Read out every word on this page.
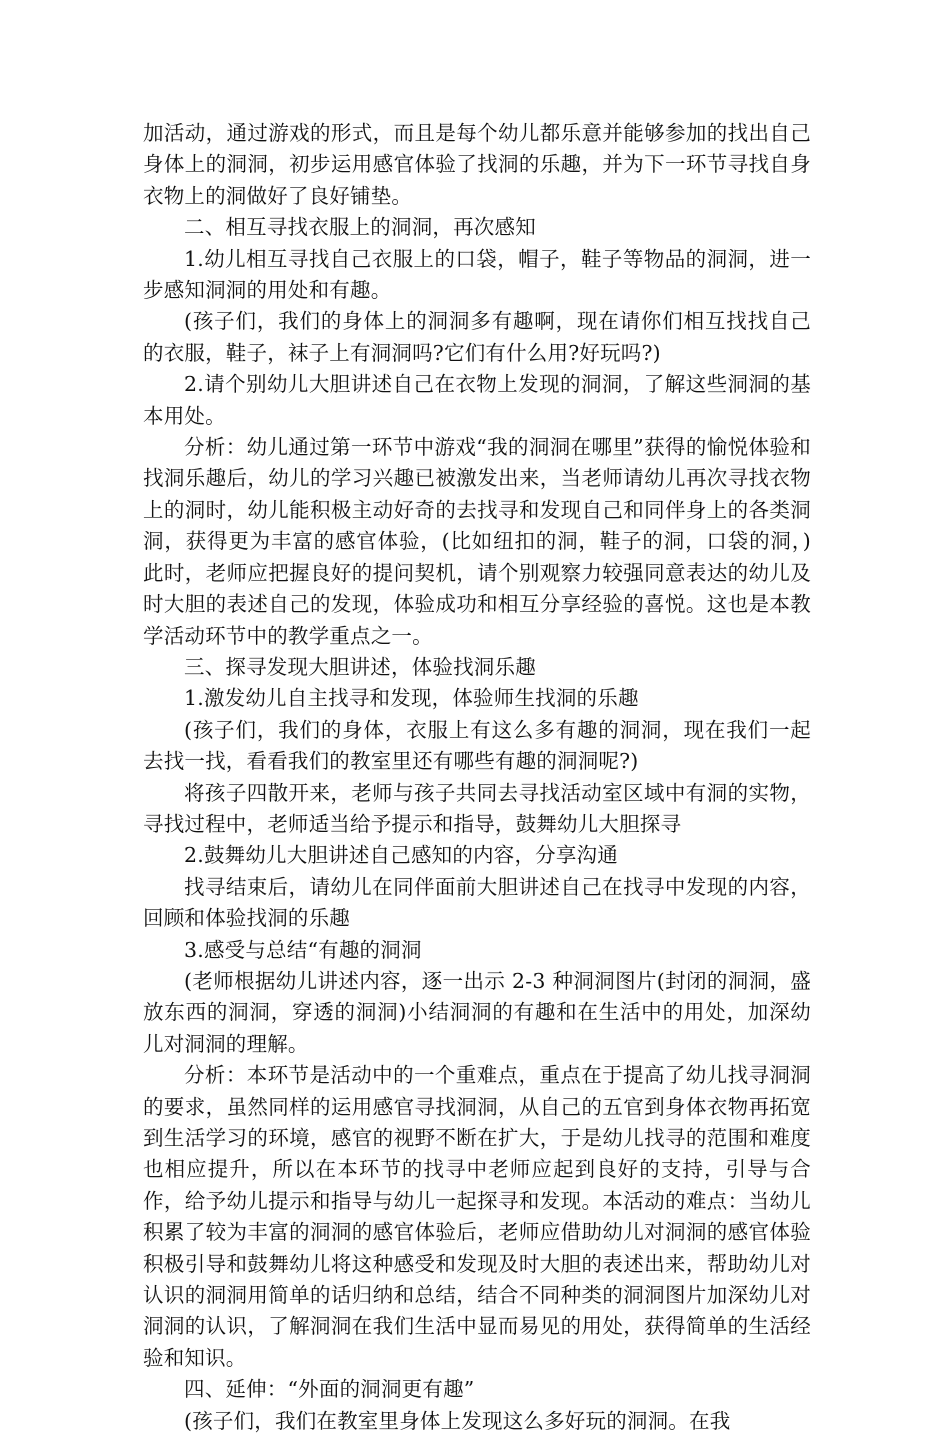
加活动，通过游戏的形式，而且是每个幼儿都乐意并能够参加的找出自己身体上的洞洞，初步运用感官体验了找洞的乐趣，并为下一环节寻找自身衣物上的洞做好了良好铺垫。

二、相互寻找衣服上的洞洞，再次感知

1.幼儿相互寻找自己衣服上的口袋，帽子，鞋子等物品的洞洞，进一步感知洞洞的用处和有趣。

(孩子们，我们的身体上的洞洞多有趣啊，现在请你们相互找找自己的衣服，鞋子，袜子上有洞洞吗?它们有什么用?好玩吗?)

2.请个别幼儿大胆讲述自己在衣物上发现的洞洞，了解这些洞洞的基本用处。

分析：幼儿通过第一环节中游戏“我的洞洞在哪里”获得的愉悦体验和找洞乐趣后，幼儿的学习兴趣已被激发出来，当老师请幼儿再次寻找衣物上的洞时，幼儿能积极主动好奇的去找寻和发现自己和同伴身上的各类洞洞，获得更为丰富的感官体验，(比如纽扣的洞，鞋子的洞，口袋的洞，)此时，老师应把握良好的提问契机，请个别观察力较强同意表达的幼儿及时大胆的表述自己的发现，体验成功和相互分享经验的喜悦。这也是本教学活动环节中的教学重点之一。

三、探寻发现大胆讲述，体验找洞乐趣

1.激发幼儿自主找寻和发现，体验师生找洞的乐趣

(孩子们，我们的身体，衣服上有这么多有趣的洞洞，现在我们一起去找一找，看看我们的教室里还有哪些有趣的洞洞呢?)

将孩子四散开来，老师与孩子共同去寻找活动室区域中有洞的实物，寻找过程中，老师适当给予提示和指导，鼓舞幼儿大胆探寻

2.鼓舞幼儿大胆讲述自己感知的内容，分享沟通

找寻结束后，请幼儿在同伴面前大胆讲述自己在找寻中发现的内容，回顾和体验找洞的乐趣

3.感受与总结“有趣的洞洞

(老师根据幼儿讲述内容，逐一出示 2-3 种洞洞图片(封闭的洞洞，盛放东西的洞洞，穿透的洞洞)小结洞洞的有趣和在生活中的用处，加深幼儿对洞洞的理解。

分析：本环节是活动中的一个重难点，重点在于提高了幼儿找寻洞洞的要求，虽然同样的运用感官寻找洞洞，从自己的五官到身体衣物再拓宽到生活学习的环境，感官的视野不断在扩大，于是幼儿找寻的范围和难度也相应提升，所以在本环节的找寻中老师应起到良好的支持，引导与合作，给予幼儿提示和指导与幼儿一起探寻和发现。本活动的难点：当幼儿积累了较为丰富的洞洞的感官体验后，老师应借助幼儿对洞洞的感官体验积极引导和鼓舞幼儿将这种感受和发现及时大胆的表述出来，帮助幼儿对认识的洞洞用简单的话归纳和总结，结合不同种类的洞洞图片加深幼儿对洞洞的认识，了解洞洞在我们生活中显而易见的用处，获得简单的生活经验和知识。

四、延伸：“外面的洞洞更有趣”

(孩子们，我们在教室里身体上发现这么多好玩的洞洞。在我
